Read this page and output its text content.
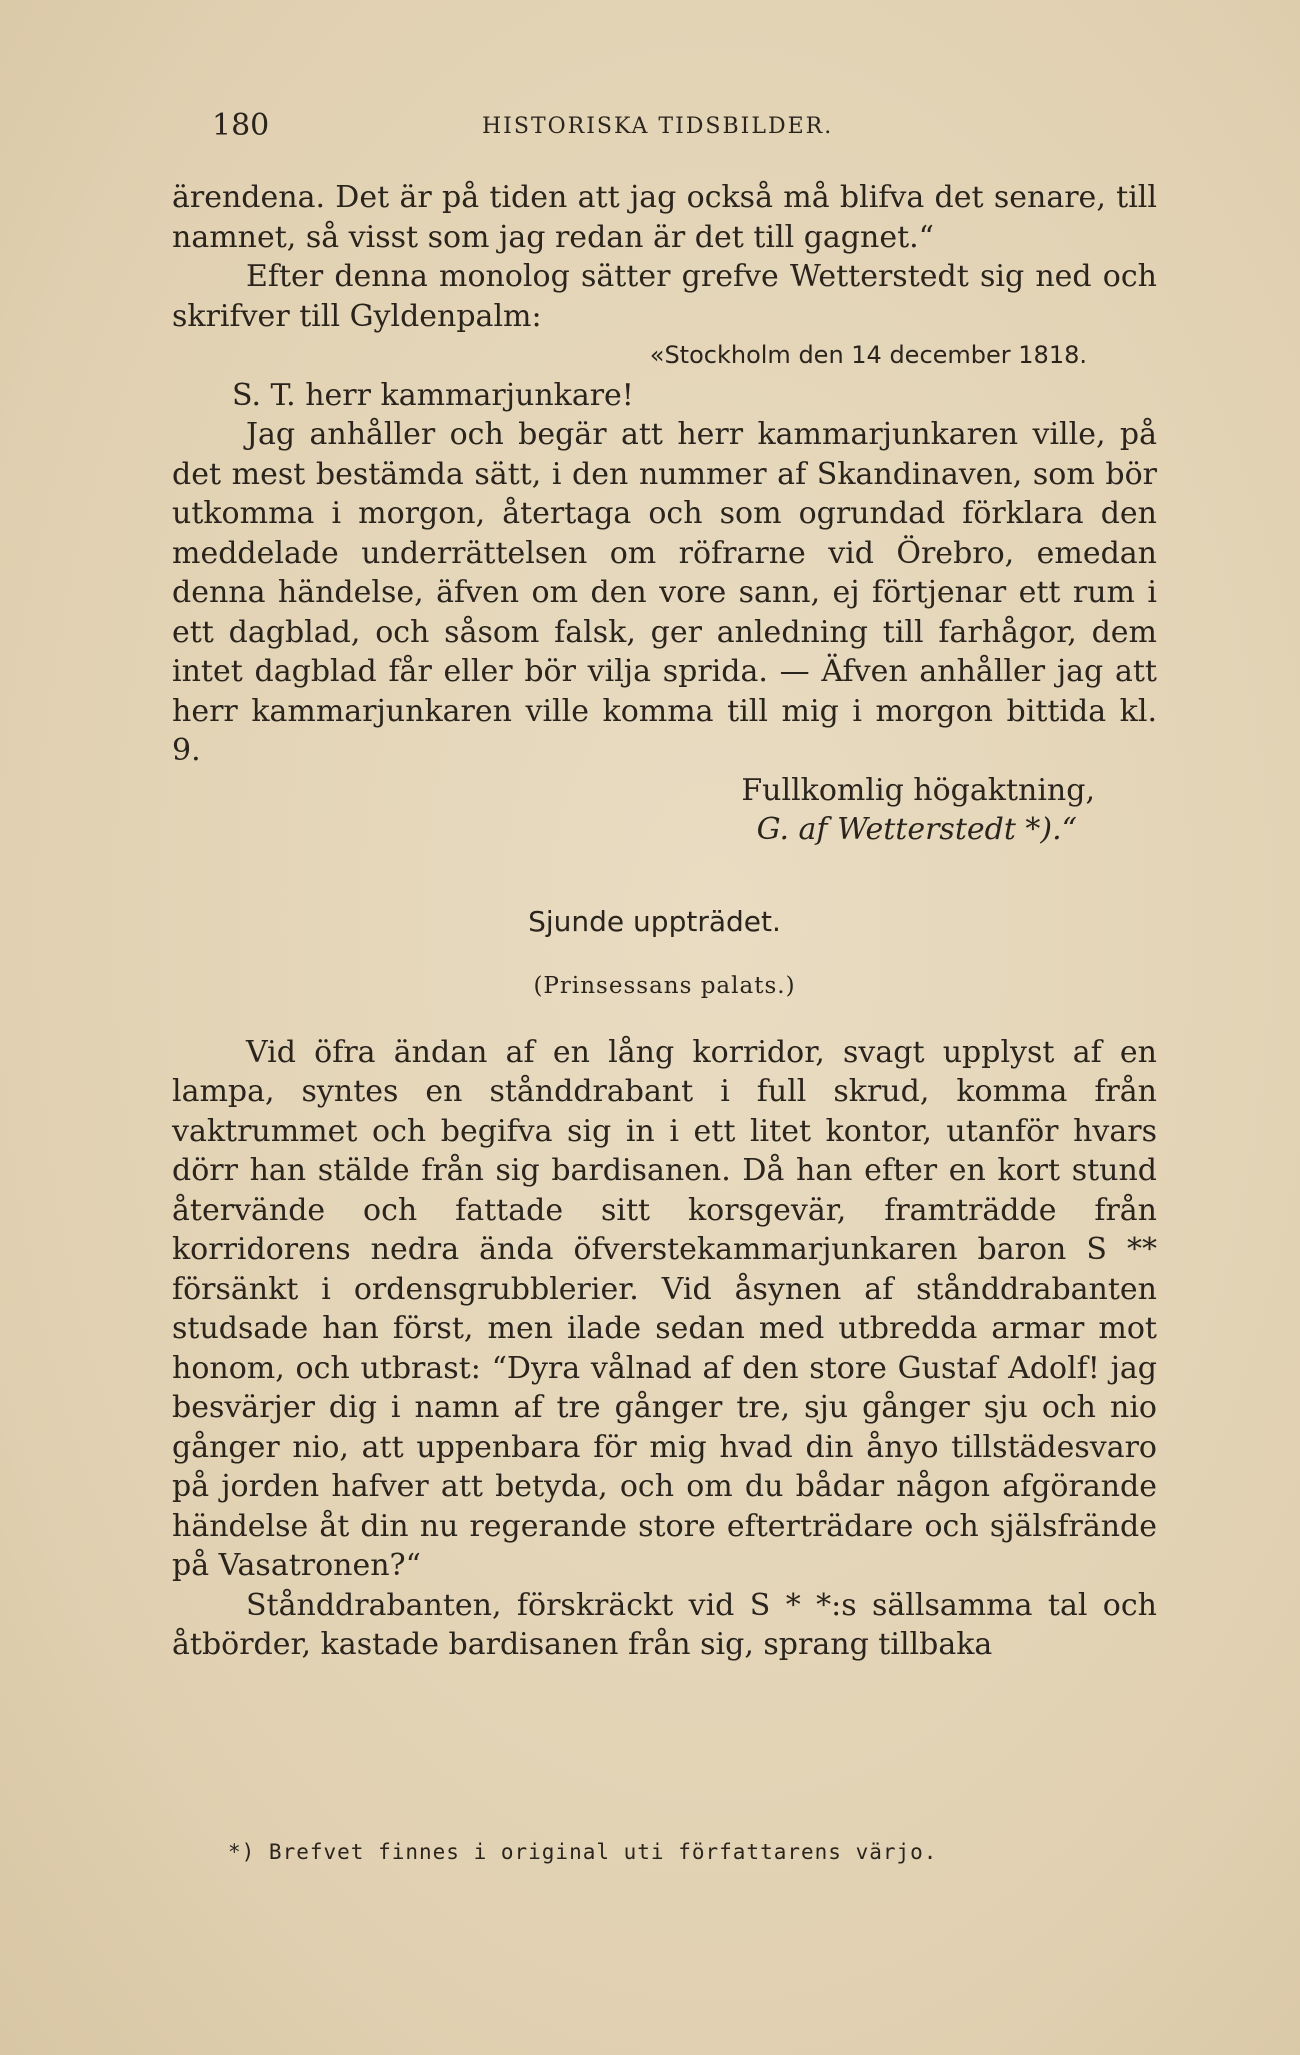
180	HISTORISKA TIDSBILDER.

ärendena. Det är på tiden att jag också må blifva det senare, till namnet, så visst som jag redan är det till gagnet.“

Efter denna monolog sätter grefve Wetterstedt sig ned och skrifver till Gyldenpalm:

«Stockholm den 14 december 1818.

S. T. herr kammarjunkare!

Jag anhåller och begär att herr kammarjunkaren ville, på det mest bestämda sätt, i den nummer af Skandinaven, som bör utkomma i morgon, återtaga och som ogrundad förklara den meddelade underrättelsen om röfrarne vid Örebro, emedan denna händelse, äfven om den vore sann, ej förtjenar ett rum i ett dagblad, och såsom falsk, ger anledning till farhågor, dem intet dagblad får eller bör vilja sprida. — Äfven anhåller jag att herr kammarjunkaren ville komma till mig i morgon bittida kl. 9.

Fullkomlig högaktning,

G. af Wetterstedt *).“

Sjunde uppträdet.
(Prinsessans palats.)

Vid öfra ändan af en lång korridor, svagt upplyst af en lampa, syntes en stånddrabant i full skrud, komma från vaktrummet och begifva sig in i ett litet kontor, utanför hvars dörr han stälde från sig bardisanen. Då han efter en kort stund återvände och fattade sitt korsgevär, framträdde från korridorens nedra ända öfverstekammarjunkaren baron S ** försänkt i ordensgrubblerier. Vid åsynen af stånddrabanten studsade han först, men ilade sedan med utbredda armar mot honom, och utbrast: “Dyra vålnad af den store Gustaf Adolf! jag besvärjer dig i namn af tre gånger tre, sju gånger sju och nio gånger nio, att uppenbara för mig hvad din ånyo tillstädesvaro på jorden hafver att betyda, och om du bådar någon afgörande händelse åt din nu regerande store efterträdare och själsfrände på Vasatronen?“

Stånddrabanten, förskräckt vid S * *:s sällsamma tal och åtbörder, kastade bardisanen från sig, sprang tillbaka

*) Brefvet finnes i original uti författarens värjo.
